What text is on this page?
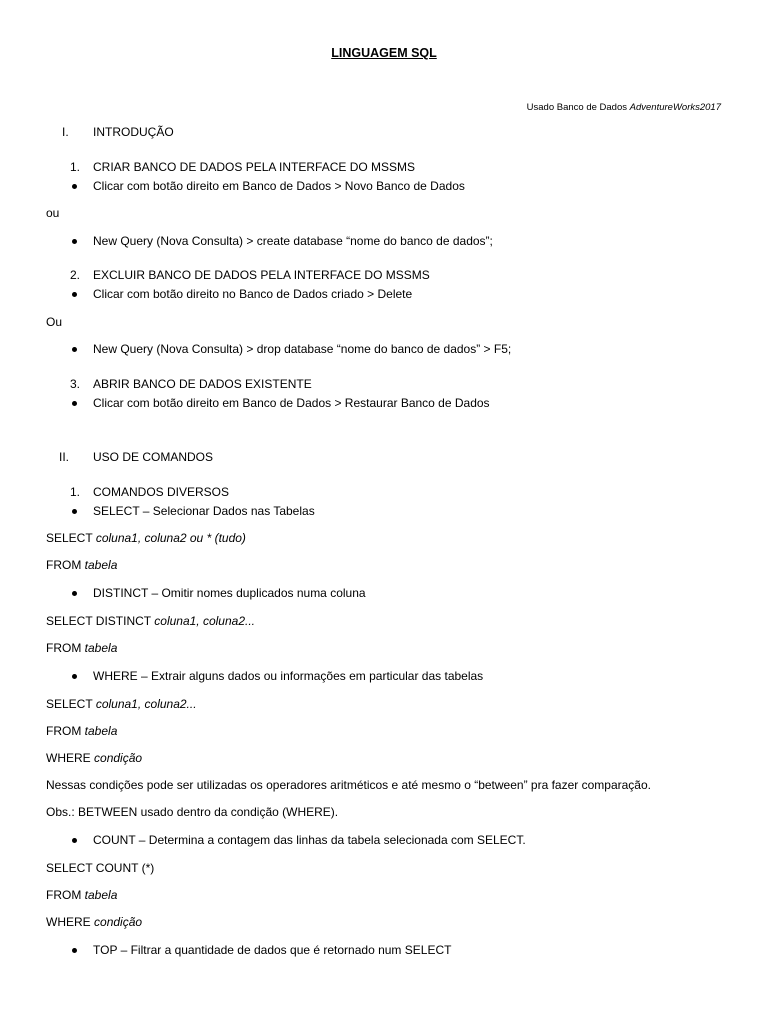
LINGUAGEM SQL
Usado Banco de Dados AdventureWorks2017
I. INTRODUÇÃO
1. CRIAR BANCO DE DADOS PELA INTERFACE DO MSSMS
Clicar com botão direito em Banco de Dados > Novo Banco de Dados
ou
New Query (Nova Consulta) > create database “nome do banco de dados”;
2. EXCLUIR BANCO DE DADOS PELA INTERFACE DO MSSMS
Clicar com botão direito no Banco de Dados criado > Delete
Ou
New Query (Nova Consulta) > drop database “nome do banco de dados” > F5;
3. ABRIR BANCO DE DADOS EXISTENTE
Clicar com botão direito em Banco de Dados > Restaurar Banco de Dados
II. USO DE COMANDOS
1. COMANDOS DIVERSOS
SELECT – Selecionar Dados nas Tabelas
SELECT coluna1, coluna2 ou * (tudo)
FROM tabela
DISTINCT – Omitir nomes duplicados numa coluna
SELECT DISTINCT coluna1, coluna2...
FROM tabela
WHERE – Extrair alguns dados ou informações em particular das tabelas
SELECT coluna1, coluna2...
FROM tabela
WHERE condição
Nessas condições pode ser utilizadas os operadores aritméticos e até mesmo o “between” pra fazer comparação.
Obs.: BETWEEN usado dentro da condição (WHERE).
COUNT – Determina a contagem das linhas da tabela selecionada com SELECT.
SELECT COUNT (*)
FROM tabela
WHERE condição
TOP – Filtrar a quantidade de dados que é retornado num SELECT
